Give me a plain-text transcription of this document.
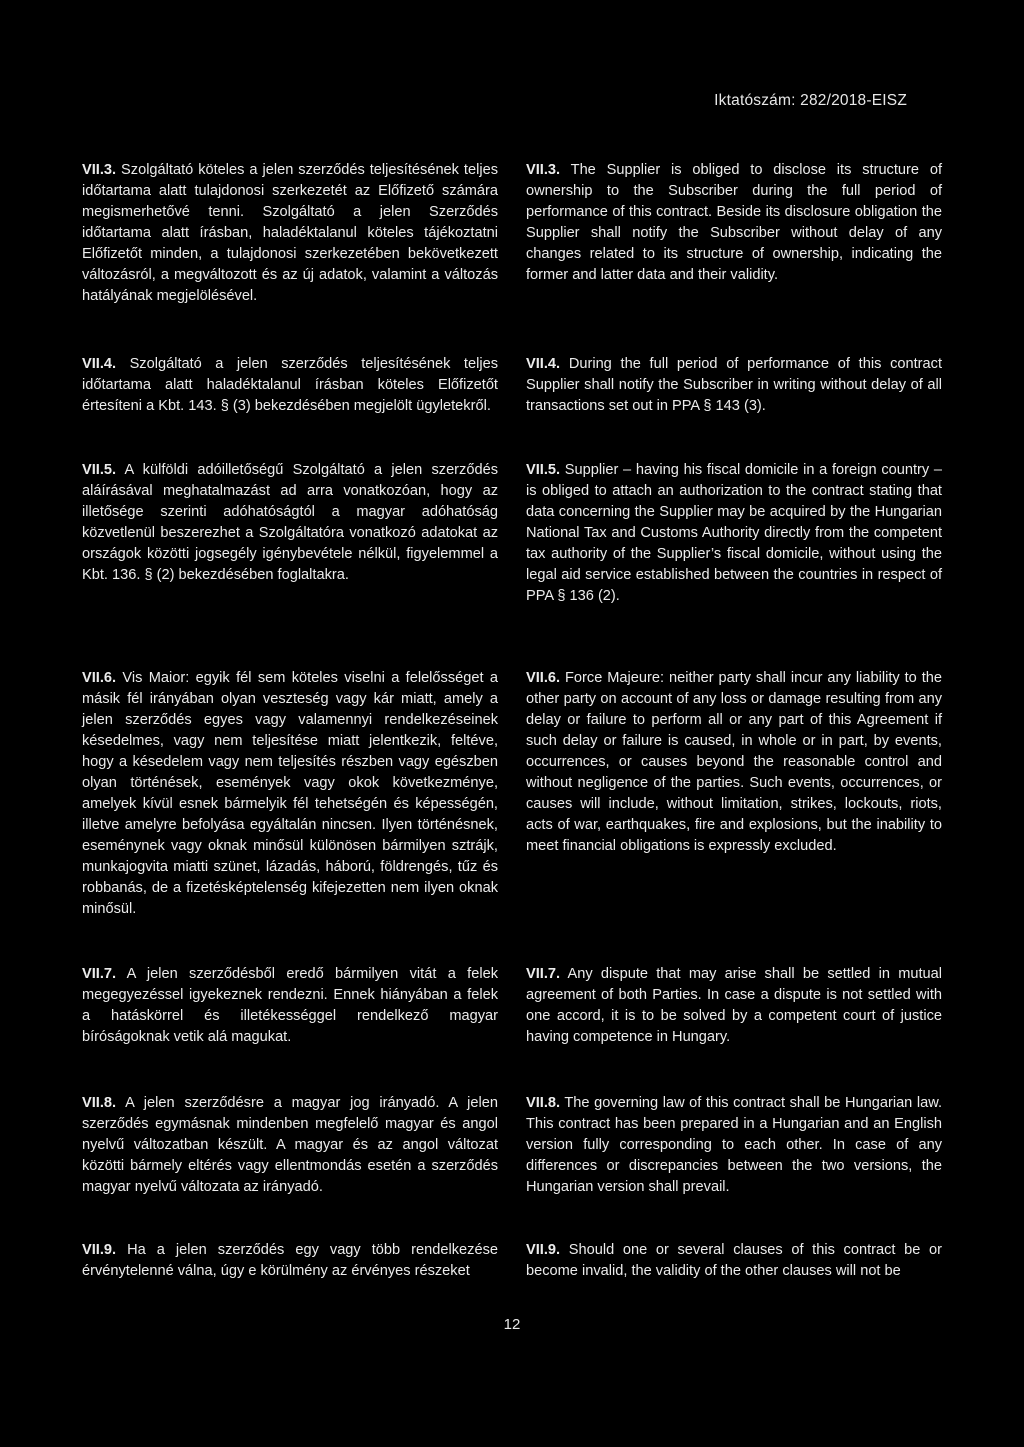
Iktatószám: 282/2018-EISZ
VII.3. Szolgáltató köteles a jelen szerződés teljesítésének teljes időtartama alatt tulajdonosi szerkezetét az Előfizető számára megismerhetővé tenni. Szolgáltató a jelen Szerződés időtartama alatt írásban, haladéktalanul köteles tájékoztatni Előfizetőt minden, a tulajdonosi szerkezetében bekövetkezett változásról, a megváltozott és az új adatok, valamint a változás hatályának megjelölésével.
VII.3. The Supplier is obliged to disclose its structure of ownership to the Subscriber during the full period of performance of this contract. Beside its disclosure obligation the Supplier shall notify the Subscriber without delay of any changes related to its structure of ownership, indicating the former and latter data and their validity.
VII.4. Szolgáltató a jelen szerződés teljesítésének teljes időtartama alatt haladéktalanul írásban köteles Előfizetőt értesíteni a Kbt. 143. § (3) bekezdésében megjelölt ügyletekről.
VII.4. During the full period of performance of this contract Supplier shall notify the Subscriber in writing without delay of all transactions set out in PPA § 143 (3).
VII.5. A külföldi adóilletőségű Szolgáltató a jelen szerződés aláírásával meghatalmazást ad arra vonatkozóan, hogy az illetősége szerinti adóhatóságtól a magyar adóhatóság közvetlenül beszerezhet a Szolgáltatóra vonatkozó adatokat az országok közötti jogsegély igénybevétele nélkül, figyelemmel a Kbt. 136. § (2) bekezdésében foglaltakra.
VII.5. Supplier – having his fiscal domicile in a foreign country – is obliged to attach an authorization to the contract stating that data concerning the Supplier may be acquired by the Hungarian National Tax and Customs Authority directly from the competent tax authority of the Supplier’s fiscal domicile, without using the legal aid service established between the countries in respect of PPA § 136 (2).
VII.6. Vis Maior: egyik fél sem köteles viselni a felelősséget a másik fél irányában olyan veszteség vagy kár miatt, amely a jelen szerződés egyes vagy valamennyi rendelkezéseinek késedelmes, vagy nem teljesítése miatt jelentkezik, feltéve, hogy a késedelem vagy nem teljesítés részben vagy egészben olyan történések, események vagy okok következménye, amelyek kívül esnek bármelyik fél tehetségén és képességén, illetve amelyre befolyása egyáltalán nincsen. Ilyen történésnek, eseménynek vagy oknak minősül különösen bármilyen sztrájk, munkajogvita miatti szünet, lázadás, háború, földrengés, tűz és robbanás, de a fizetésképtelenség kifejezetten nem ilyen oknak minősül.
VII.6. Force Majeure: neither party shall incur any liability to the other party on account of any loss or damage resulting from any delay or failure to perform all or any part of this Agreement if such delay or failure is caused, in whole or in part, by events, occurrences, or causes beyond the reasonable control and without negligence of the parties. Such events, occurrences, or causes will include, without limitation, strikes, lockouts, riots, acts of war, earthquakes, fire and explosions, but the inability to meet financial obligations is expressly excluded.
VII.7. A jelen szerződésből eredő bármilyen vitát a felek megegyezéssel igyekeznek rendezni. Ennek hiányában a felek a hatáskörrel és illetékességgel rendelkező magyar bíróságoknak vetik alá magukat.
VII.7. Any dispute that may arise shall be settled in mutual agreement of both Parties. In case a dispute is not settled with one accord, it is to be solved by a competent court of justice having competence in Hungary.
VII.8. A jelen szerződésre a magyar jog irányadó. A jelen szerződés egymásnak mindenben megfelelő magyar és angol nyelvű változatban készült. A magyar és az angol változat közötti bármely eltérés vagy ellentmondás esetén a szerződés magyar nyelvű változata az irányadó.
VII.8. The governing law of this contract shall be Hungarian law. This contract has been prepared in a Hungarian and an English version fully corresponding to each other. In case of any differences or discrepancies between the two versions, the Hungarian version shall prevail.
VII.9. Ha a jelen szerződés egy vagy több rendelkezése érvénytelenné válna, úgy e körülmény az érvényes részeket
VII.9. Should one or several clauses of this contract be or become invalid, the validity of the other clauses will not be
12
